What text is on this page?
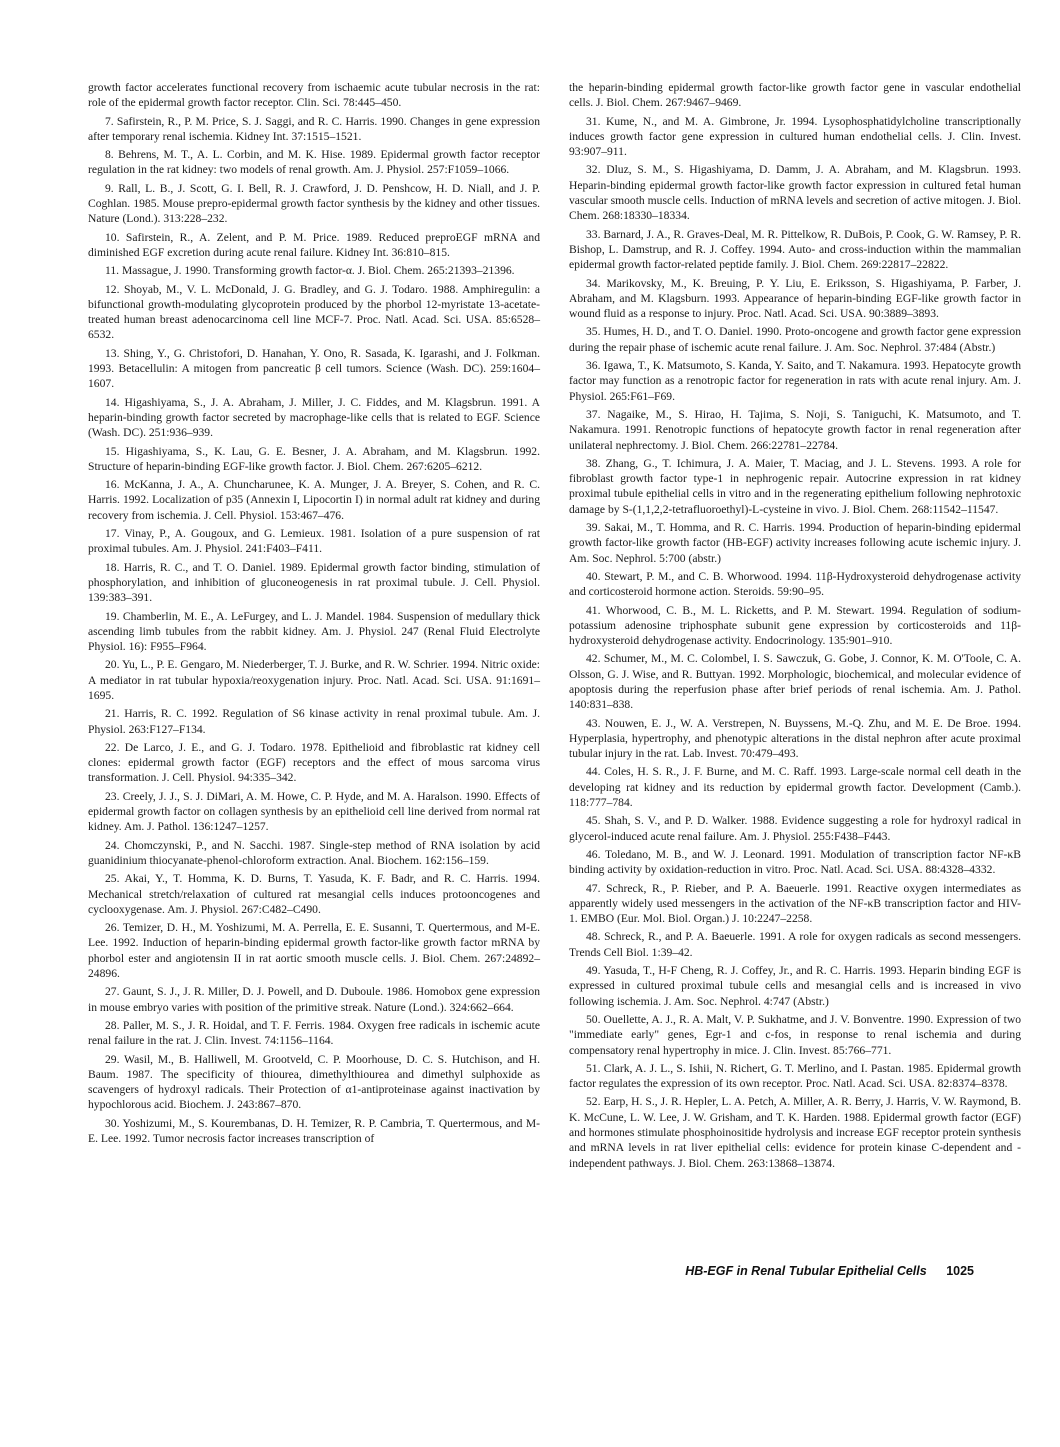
growth factor accelerates functional recovery from ischaemic acute tubular necrosis in the rat: role of the epidermal growth factor receptor. Clin. Sci. 78:445–450.

7. Safirstein, R., P. M. Price, S. J. Saggi, and R. C. Harris. 1990. Changes in gene expression after temporary renal ischemia. Kidney Int. 37:1515–1521.

8. Behrens, M. T., A. L. Corbin, and M. K. Hise. 1989. Epidermal growth factor receptor regulation in the rat kidney: two models of renal growth. Am. J. Physiol. 257:F1059–1066.

9. Rall, L. B., J. Scott, G. I. Bell, R. J. Crawford, J. D. Penshcow, H. D. Niall, and J. P. Coghlan. 1985. Mouse prepro-epidermal growth factor synthesis by the kidney and other tissues. Nature (Lond.). 313:228–232.

10. Safirstein, R., A. Zelent, and P. M. Price. 1989. Reduced preproEGF mRNA and diminished EGF excretion during acute renal failure. Kidney Int. 36:810–815.

11. Massague, J. 1990. Transforming growth factor-α. J. Biol. Chem. 265:21393–21396.

12. Shoyab, M., V. L. McDonald, J. G. Bradley, and G. J. Todaro. 1988. Amphiregulin: a bifunctional growth-modulating glycoprotein produced by the phorbol 12-myristate 13-acetate-treated human breast adenocarcinoma cell line MCF-7. Proc. Natl. Acad. Sci. USA. 85:6528–6532.

13. Shing, Y., G. Christofori, D. Hanahan, Y. Ono, R. Sasada, K. Igarashi, and J. Folkman. 1993. Betacellulin: A mitogen from pancreatic β cell tumors. Science (Wash. DC). 259:1604–1607.

14. Higashiyama, S., J. A. Abraham, J. Miller, J. C. Fiddes, and M. Klagsbrun. 1991. A heparin-binding growth factor secreted by macrophage-like cells that is related to EGF. Science (Wash. DC). 251:936–939.

15. Higashiyama, S., K. Lau, G. E. Besner, J. A. Abraham, and M. Klagsbrun. 1992. Structure of heparin-binding EGF-like growth factor. J. Biol. Chem. 267:6205–6212.

16. McKanna, J. A., A. Chuncharunee, K. A. Munger, J. A. Breyer, S. Cohen, and R. C. Harris. 1992. Localization of p35 (Annexin I, Lipocortin I) in normal adult rat kidney and during recovery from ischemia. J. Cell. Physiol. 153:467–476.

17. Vinay, P., A. Gougoux, and G. Lemieux. 1981. Isolation of a pure suspension of rat proximal tubules. Am. J. Physiol. 241:F403–F411.

18. Harris, R. C., and T. O. Daniel. 1989. Epidermal growth factor binding, stimulation of phosphorylation, and inhibition of gluconeogenesis in rat proximal tubule. J. Cell. Physiol. 139:383–391.

19. Chamberlin, M. E., A. LeFurgey, and L. J. Mandel. 1984. Suspension of medullary thick ascending limb tubules from the rabbit kidney. Am. J. Physiol. 247 (Renal Fluid Electrolyte Physiol. 16): F955–F964.

20. Yu, L., P. E. Gengaro, M. Niederberger, T. J. Burke, and R. W. Schrier. 1994. Nitric oxide: A mediator in rat tubular hypoxia/reoxygenation injury. Proc. Natl. Acad. Sci. USA. 91:1691–1695.

21. Harris, R. C. 1992. Regulation of S6 kinase activity in renal proximal tubule. Am. J. Physiol. 263:F127–F134.

22. De Larco, J. E., and G. J. Todaro. 1978. Epithelioid and fibroblastic rat kidney cell clones: epidermal growth factor (EGF) receptors and the effect of mous sarcoma virus transformation. J. Cell. Physiol. 94:335–342.

23. Creely, J. J., S. J. DiMari, A. M. Howe, C. P. Hyde, and M. A. Haralson. 1990. Effects of epidermal growth factor on collagen synthesis by an epithelioid cell line derived from normal rat kidney. Am. J. Pathol. 136:1247–1257.

24. Chomczynski, P., and N. Sacchi. 1987. Single-step method of RNA isolation by acid guanidinium thiocyanate-phenol-chloroform extraction. Anal. Biochem. 162:156–159.

25. Akai, Y., T. Homma, K. D. Burns, T. Yasuda, K. F. Badr, and R. C. Harris. 1994. Mechanical stretch/relaxation of cultured rat mesangial cells induces protooncogenes and cyclooxygenase. Am. J. Physiol. 267:C482–C490.

26. Temizer, D. H., M. Yoshizumi, M. A. Perrella, E. E. Susanni, T. Quertermous, and M-E. Lee. 1992. Induction of heparin-binding epidermal growth factor-like growth factor mRNA by phorbol ester and angiotensin II in rat aortic smooth muscle cells. J. Biol. Chem. 267:24892–24896.

27. Gaunt, S. J., J. R. Miller, D. J. Powell, and D. Duboule. 1986. Homobox gene expression in mouse embryo varies with position of the primitive streak. Nature (Lond.). 324:662–664.

28. Paller, M. S., J. R. Hoidal, and T. F. Ferris. 1984. Oxygen free radicals in ischemic acute renal failure in the rat. J. Clin. Invest. 74:1156–1164.

29. Wasil, M., B. Halliwell, M. Grootveld, C. P. Moorhouse, D. C. S. Hutchison, and H. Baum. 1987. The specificity of thiourea, dimethylthiourea and dimethyl sulphoxide as scavengers of hydroxyl radicals. Their Protection of α1-antiproteinase against inactivation by hypochlorous acid. Biochem. J. 243:867–870.

30. Yoshizumi, M., S. Kourembanas, D. H. Temizer, R. P. Cambria, T. Quertermous, and M-E. Lee. 1992. Tumor necrosis factor increases transcription of

the heparin-binding epidermal growth factor-like growth factor gene in vascular endothelial cells. J. Biol. Chem. 267:9467–9469.

31. Kume, N., and M. A. Gimbrone, Jr. 1994. Lysophosphatidylcholine transcriptionally induces growth factor gene expression in cultured human endothelial cells. J. Clin. Invest. 93:907–911.

32. Dluz, S. M., S. Higashiyama, D. Damm, J. A. Abraham, and M. Klagsbrun. 1993. Heparin-binding epidermal growth factor-like growth factor expression in cultured fetal human vascular smooth muscle cells. Induction of mRNA levels and secretion of active mitogen. J. Biol. Chem. 268:18330–18334.

33. Barnard, J. A., R. Graves-Deal, M. R. Pittelkow, R. DuBois, P. Cook, G. W. Ramsey, P. R. Bishop, L. Damstrup, and R. J. Coffey. 1994. Auto- and cross-induction within the mammalian epidermal growth factor-related peptide family. J. Biol. Chem. 269:22817–22822.

34. Marikovsky, M., K. Breuing, P. Y. Liu, E. Eriksson, S. Higashiyama, P. Farber, J. Abraham, and M. Klagsburn. 1993. Appearance of heparin-binding EGF-like growth factor in wound fluid as a response to injury. Proc. Natl. Acad. Sci. USA. 90:3889–3893.

35. Humes, H. D., and T. O. Daniel. 1990. Proto-oncogene and growth factor gene expression during the repair phase of ischemic acute renal failure. J. Am. Soc. Nephrol. 37:484 (Abstr.)

36. Igawa, T., K. Matsumoto, S. Kanda, Y. Saito, and T. Nakamura. 1993. Hepatocyte growth factor may function as a renotropic factor for regeneration in rats with acute renal injury. Am. J. Physiol. 265:F61–F69.

37. Nagaike, M., S. Hirao, H. Tajima, S. Noji, S. Taniguchi, K. Matsumoto, and T. Nakamura. 1991. Renotropic functions of hepatocyte growth factor in renal regeneration after unilateral nephrectomy. J. Biol. Chem. 266:22781–22784.

38. Zhang, G., T. Ichimura, J. A. Maier, T. Maciag, and J. L. Stevens. 1993. A role for fibroblast growth factor type-1 in nephrogenic repair. Autocrine expression in rat kidney proximal tubule epithelial cells in vitro and in the regenerating epithelium following nephrotoxic damage by S-(1,1,2,2-tetrafluoroethyl)-L-cysteine in vivo. J. Biol. Chem. 268:11542–11547.

39. Sakai, M., T. Homma, and R. C. Harris. 1994. Production of heparin-binding epidermal growth factor-like growth factor (HB-EGF) activity increases following acute ischemic injury. J. Am. Soc. Nephrol. 5:700 (abstr.)

40. Stewart, P. M., and C. B. Whorwood. 1994. 11β-Hydroxysteroid dehydrogenase activity and corticosteroid hormone action. Steroids. 59:90–95.

41. Whorwood, C. B., M. L. Ricketts, and P. M. Stewart. 1994. Regulation of sodium-potassium adenosine triphosphate subunit gene expression by corticosteroids and 11β-hydroxysteroid dehydrogenase activity. Endocrinology. 135:901–910.

42. Schumer, M., M. C. Colombel, I. S. Sawczuk, G. Gobe, J. Connor, K. M. O'Toole, C. A. Olsson, G. J. Wise, and R. Buttyan. 1992. Morphologic, biochemical, and molecular evidence of apoptosis during the reperfusion phase after brief periods of renal ischemia. Am. J. Pathol. 140:831–838.

43. Nouwen, E. J., W. A. Verstrepen, N. Buyssens, M.-Q. Zhu, and M. E. De Broe. 1994. Hyperplasia, hypertrophy, and phenotypic alterations in the distal nephron after acute proximal tubular injury in the rat. Lab. Invest. 70:479–493.

44. Coles, H. S. R., J. F. Burne, and M. C. Raff. 1993. Large-scale normal cell death in the developing rat kidney and its reduction by epidermal growth factor. Development (Camb.). 118:777–784.

45. Shah, S. V., and P. D. Walker. 1988. Evidence suggesting a role for hydroxyl radical in glycerol-induced acute renal failure. Am. J. Physiol. 255:F438–F443.

46. Toledano, M. B., and W. J. Leonard. 1991. Modulation of transcription factor NF-κB binding activity by oxidation-reduction in vitro. Proc. Natl. Acad. Sci. USA. 88:4328–4332.

47. Schreck, R., P. Rieber, and P. A. Baeuerle. 1991. Reactive oxygen intermediates as apparently widely used messengers in the activation of the NF-κB transcription factor and HIV-1. EMBO (Eur. Mol. Biol. Organ.) J. 10:2247–2258.

48. Schreck, R., and P. A. Baeuerle. 1991. A role for oxygen radicals as second messengers. Trends Cell Biol. 1:39–42.

49. Yasuda, T., H-F Cheng, R. J. Coffey, Jr., and R. C. Harris. 1993. Heparin binding EGF is expressed in cultured proximal tubule cells and mesangial cells and is increased in vivo following ischemia. J. Am. Soc. Nephrol. 4:747 (Abstr.)

50. Ouellette, A. J., R. A. Malt, V. P. Sukhatme, and J. V. Bonventre. 1990. Expression of two "immediate early" genes, Egr-1 and c-fos, in response to renal ischemia and during compensatory renal hypertrophy in mice. J. Clin. Invest. 85:766–771.

51. Clark, A. J. L., S. Ishii, N. Richert, G. T. Merlino, and I. Pastan. 1985. Epidermal growth factor regulates the expression of its own receptor. Proc. Natl. Acad. Sci. USA. 82:8374–8378.

52. Earp, H. S., J. R. Hepler, L. A. Petch, A. Miller, A. R. Berry, J. Harris, V. W. Raymond, B. K. McCune, L. W. Lee, J. W. Grisham, and T. K. Harden. 1988. Epidermal growth factor (EGF) and hormones stimulate phosphoinositide hydrolysis and increase EGF receptor protein synthesis and mRNA levels in rat liver epithelial cells: evidence for protein kinase C-dependent and -independent pathways. J. Biol. Chem. 263:13868–13874.

HB-EGF in Renal Tubular Epithelial Cells 1025
